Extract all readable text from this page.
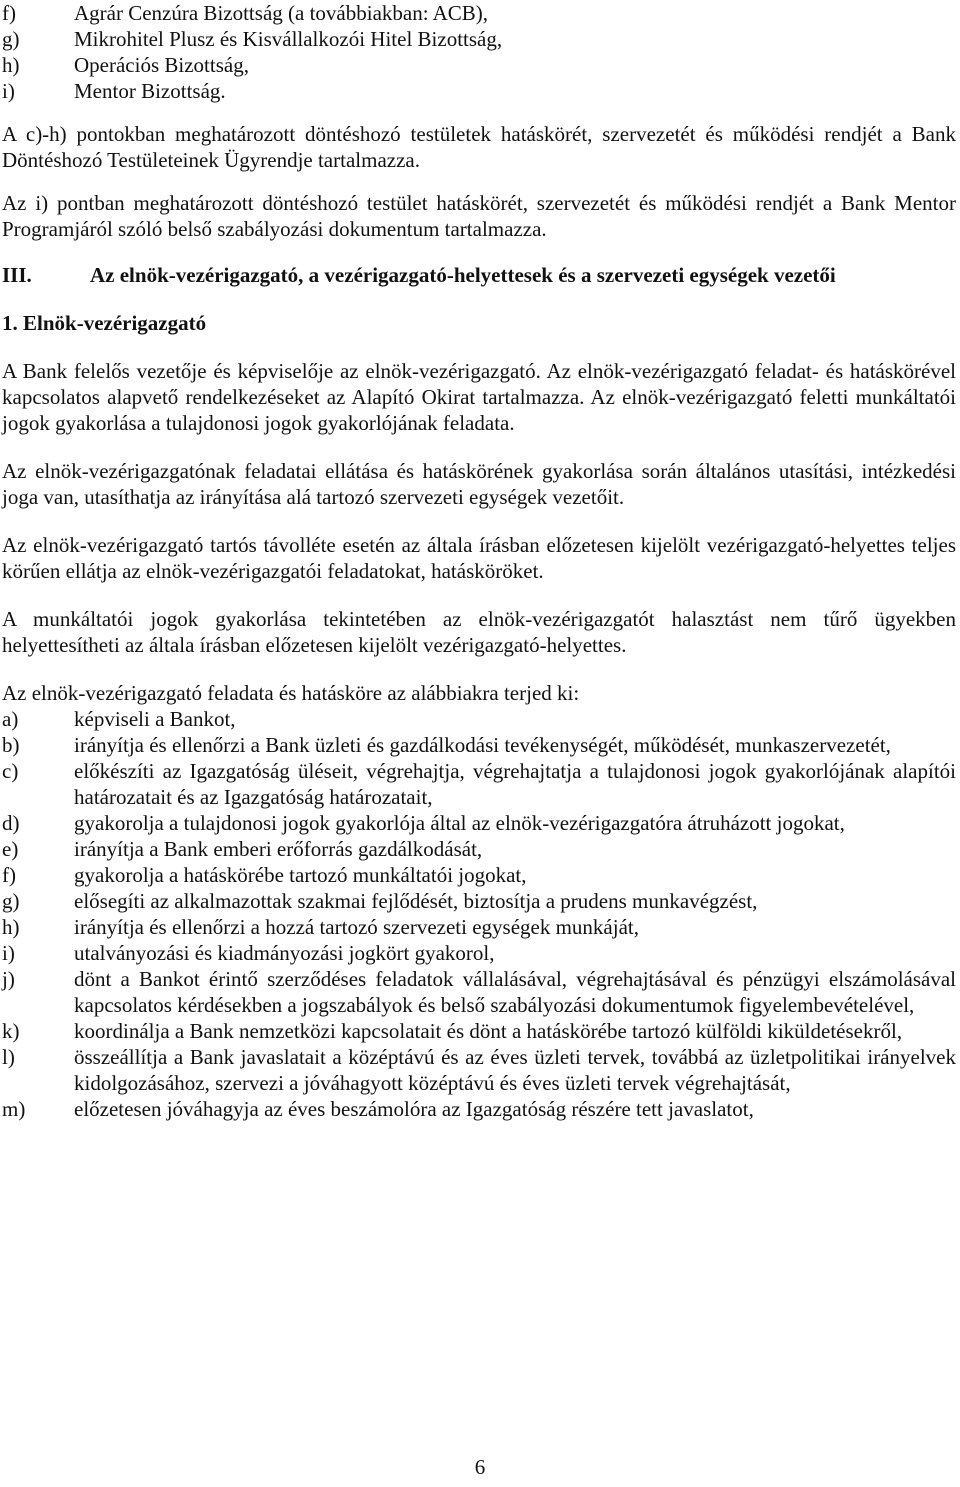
f)	Agrár Cenzúra Bizottság (a továbbiakban: ACB),
g)	Mikrohitel Plusz és Kisvállalkozói Hitel Bizottság,
h)	Operációs Bizottság,
i)	Mentor Bizottság.

A c)-h) pontokban meghatározott döntéshozó testületek hatáskörét, szervezetét és működési rendjét a Bank Döntéshozó Testületeinek Ügyrendje tartalmazza.

Az i) pontban meghatározott döntéshozó testület hatáskörét, szervezetét és működési rendjét a Bank Mentor Programjáról szóló belső szabályozási dokumentum tartalmazza.

III.	Az elnök-vezérigazgató, a vezérigazgató-helyettesek és a szervezeti egységek vezetői
1. Elnök-vezérigazgató

A Bank felelős vezetője és képviselője az elnök-vezérigazgató. Az elnök-vezérigazgató feladat- és hatáskörével kapcsolatos alapvető rendelkezéseket az Alapító Okirat tartalmazza. Az elnök-vezérigazgató feletti munkáltatói jogok gyakorlása a tulajdonosi jogok gyakorlójának feladata.

Az elnök-vezérigazgatónak feladatai ellátása és hatáskörének gyakorlása során általános utasítási, intézkedési joga van, utasíthatja az irányítása alá tartozó szervezeti egységek vezetőit.

Az elnök-vezérigazgató tartós távolléte esetén az általa írásban előzetesen kijelölt vezérigazgató-helyettes teljes körűen ellátja az elnök-vezérigazgatói feladatokat, hatásköröket.

A munkáltatói jogok gyakorlása tekintetében az elnök-vezérigazgatót halasztást nem tűrő ügyekben helyettesítheti az általa írásban előzetesen kijelölt vezérigazgató-helyettes.

Az elnök-vezérigazgató feladata és hatásköre az alábbiakra terjed ki:

a)	képviseli a Bankot,
b)	irányítja és ellenőrzi a Bank üzleti és gazdálkodási tevékenységét, működését, munkaszervezetét,
c)	előkészíti az Igazgatóság üléseit, végrehajtja, végrehajtatja a tulajdonosi jogok gyakorlójának alapítói határozatait és az Igazgatóság határozatait,
d)	gyakorolja a tulajdonosi jogok gyakorlója által az elnök-vezérigazgatóra átruházott jogokat,
e)	irányítja a Bank emberi erőforrás gazdálkodását,
f)	gyakorolja a hatáskörébe tartozó munkáltatói jogokat,
g)	elősegíti az alkalmazottak szakmai fejlődését, biztosítja a prudens munkavégzést,
h)	irányítja és ellenőrzi a hozzá tartozó szervezeti egységek munkáját,
i)	utalványozási és kiadmányozási jogkört gyakorol,
j)	dönt a Bankot érintő szerződéses feladatok vállalásával, végrehajtásával és pénzügyi elszámolásával kapcsolatos kérdésekben a jogszabályok és belső szabályozási dokumentumok figyelembevételével,
k)	koordinálja a Bank nemzetközi kapcsolatait és dönt a hatáskörébe tartozó külföldi kiküldetésekről,
l)	összeállítja a Bank javaslatait a középtávú és az éves üzleti tervek, továbbá az üzletpolitikai irányelvek kidolgozásához, szervezi a jóváhagyott középtávú és éves üzleti tervek végrehajtását,
m)	előzetesen jóváhagyja az éves beszámolóra az Igazgatóság részére tett javaslatot,
6
